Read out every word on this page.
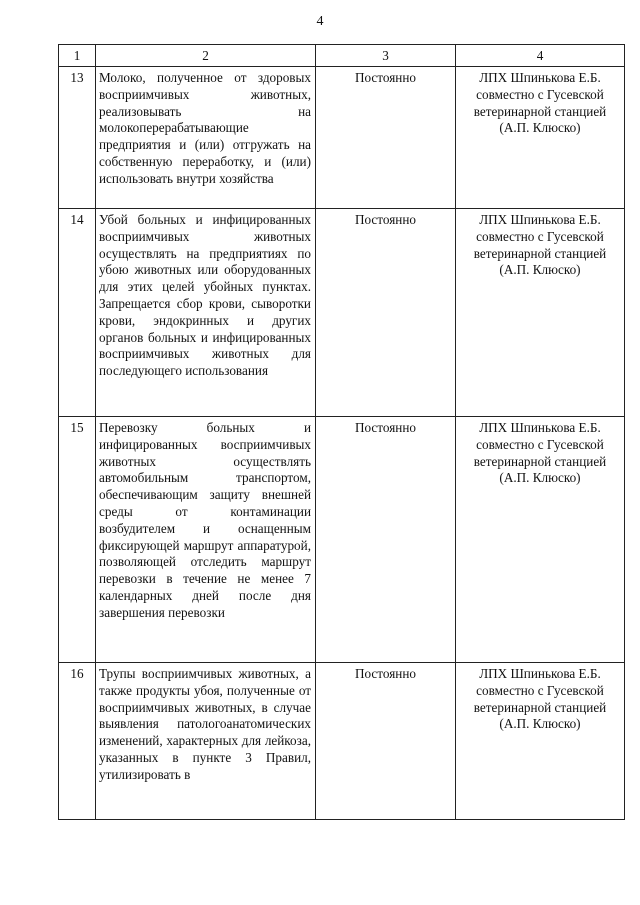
4
1	2	3	4
13	Молоко, полученное от здоровых восприимчивых животных, реализовывать на молокоперерабатывающие предприятия и (или) отгружать на собственную переработку, и (или) использовать внутри хозяйства	Постоянно	ЛПХ Шпинькова Е.Б. совместно с Гусевской ветеринарной станцией (А.П. Клюско)
14	Убой больных и инфицированных восприимчивых животных осуществлять на предприятиях по убою животных или оборудованных для этих целей убойных пунктах. Запрещается сбор крови, сыворотки крови, эндокринных и других органов больных и инфицированных восприимчивых животных для последующего использования	Постоянно	ЛПХ Шпинькова Е.Б. совместно с Гусевской ветеринарной станцией (А.П. Клюско)
15	Перевозку больных и инфицированных восприимчивых животных осуществлять автомобильным транспортом, обеспечивающим защиту внешней среды от контаминации возбудителем и оснащенным фиксирующей маршрут аппаратурой, позволяющей отследить маршрут перевозки в течение не менее 7 календарных дней после дня завершения перевозки	Постоянно	ЛПХ Шпинькова Е.Б. совместно с Гусевской ветеринарной станцией (А.П. Клюско)
16	Трупы восприимчивых животных, а также продукты убоя, полученные от восприимчивых животных, в случае выявления патологоанатомических изменений, характерных для лейкоза, указанных в пункте 3 Правил, утилизировать в	Постоянно	ЛПХ Шпинькова Е.Б. совместно с Гусевской ветеринарной станцией (А.П. Клюско)
